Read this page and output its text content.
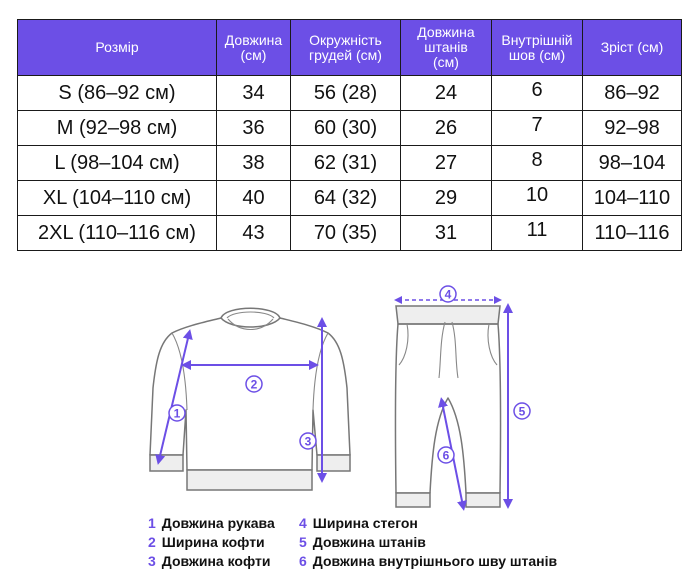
Розмір	Довжина (см)	Окружність грудей (см)	Довжина штанів (см)	Внутрішній шов (см)	Зріст (см)
S (86–92 см)	34	56 (28)	24	6	86–92
M (92–98 см)	36	60 (30)	26	7	92–98
L (98–104 см)	38	62 (31)	27	8	98–104
XL (104–110 см)	40	64 (32)	29	10	104–110
2XL (110–116 см)	43	70 (35)	31	11	110–116
2
1
3
4
5
6
1 Довжина рукава
2 Ширина кофти
3 Довжина кофти
4 Ширина стегон
5 Довжина штанів
6 Довжина внутрішнього шву штанів
